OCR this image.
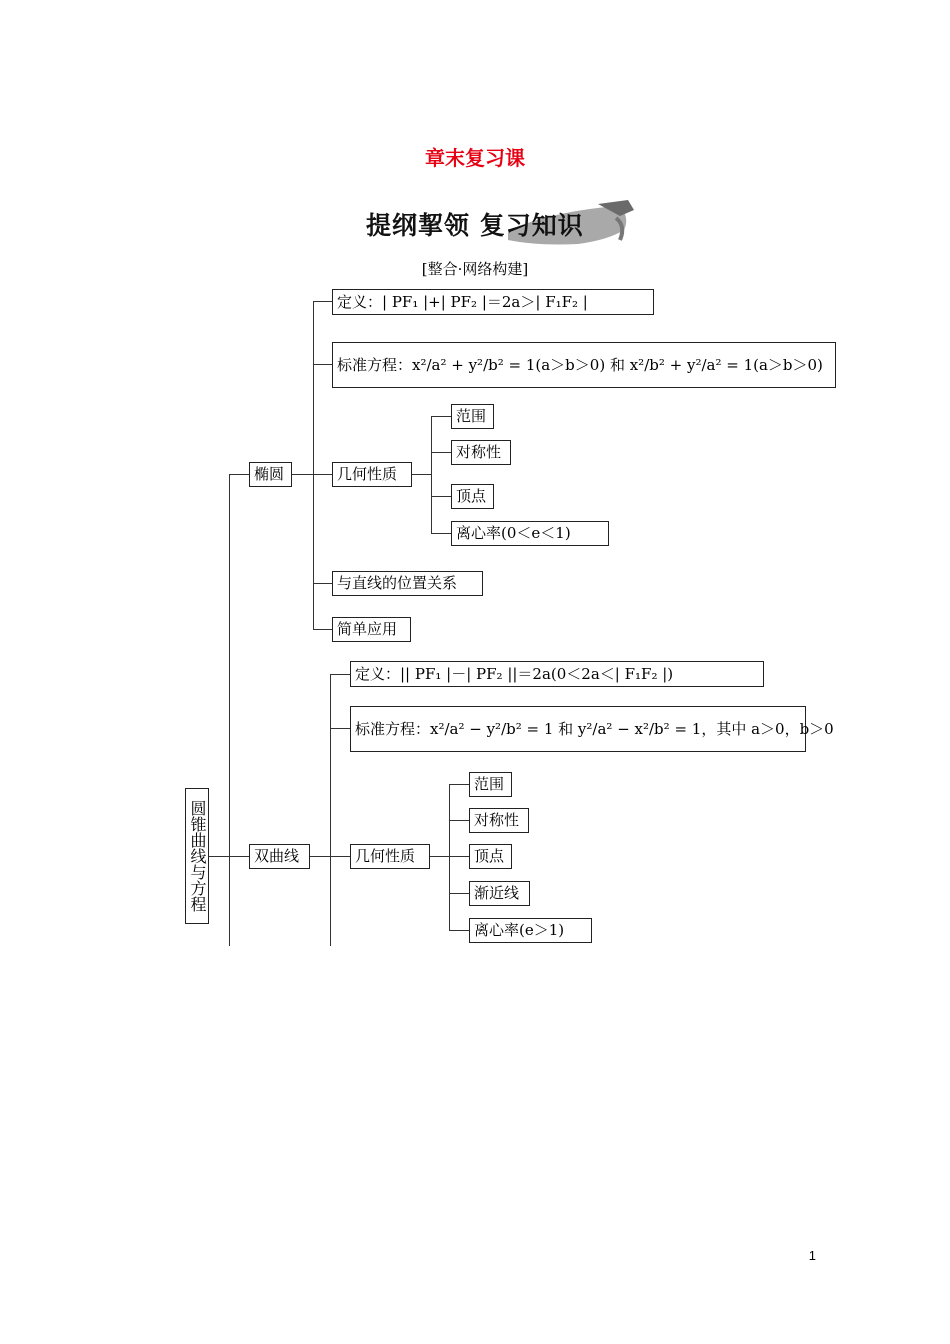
章末复习课
提纲挈领 复习知识
[整合·网络构建]
圆锥曲线与方程
椭圆
定义：| PF₁ |+| PF₂ |＝2a＞| F₁F₂ |
标准方程：x²/a² + y²/b² = 1(a＞b＞0) 和 x²/b² + y²/a² = 1(a＞b＞0)
几何性质
范围
对称性
顶点
离心率(0＜e＜1)
与直线的位置关系
简单应用
双曲线
定义：|| PF₁ |－| PF₂ ||＝2a(0＜2a＜| F₁F₂ |)
标准方程：x²/a² − y²/b² = 1 和 y²/a² − x²/b² = 1，其中 a＞0，b＞0
几何性质
范围
对称性
顶点
渐近线
离心率(e＞1)
1
